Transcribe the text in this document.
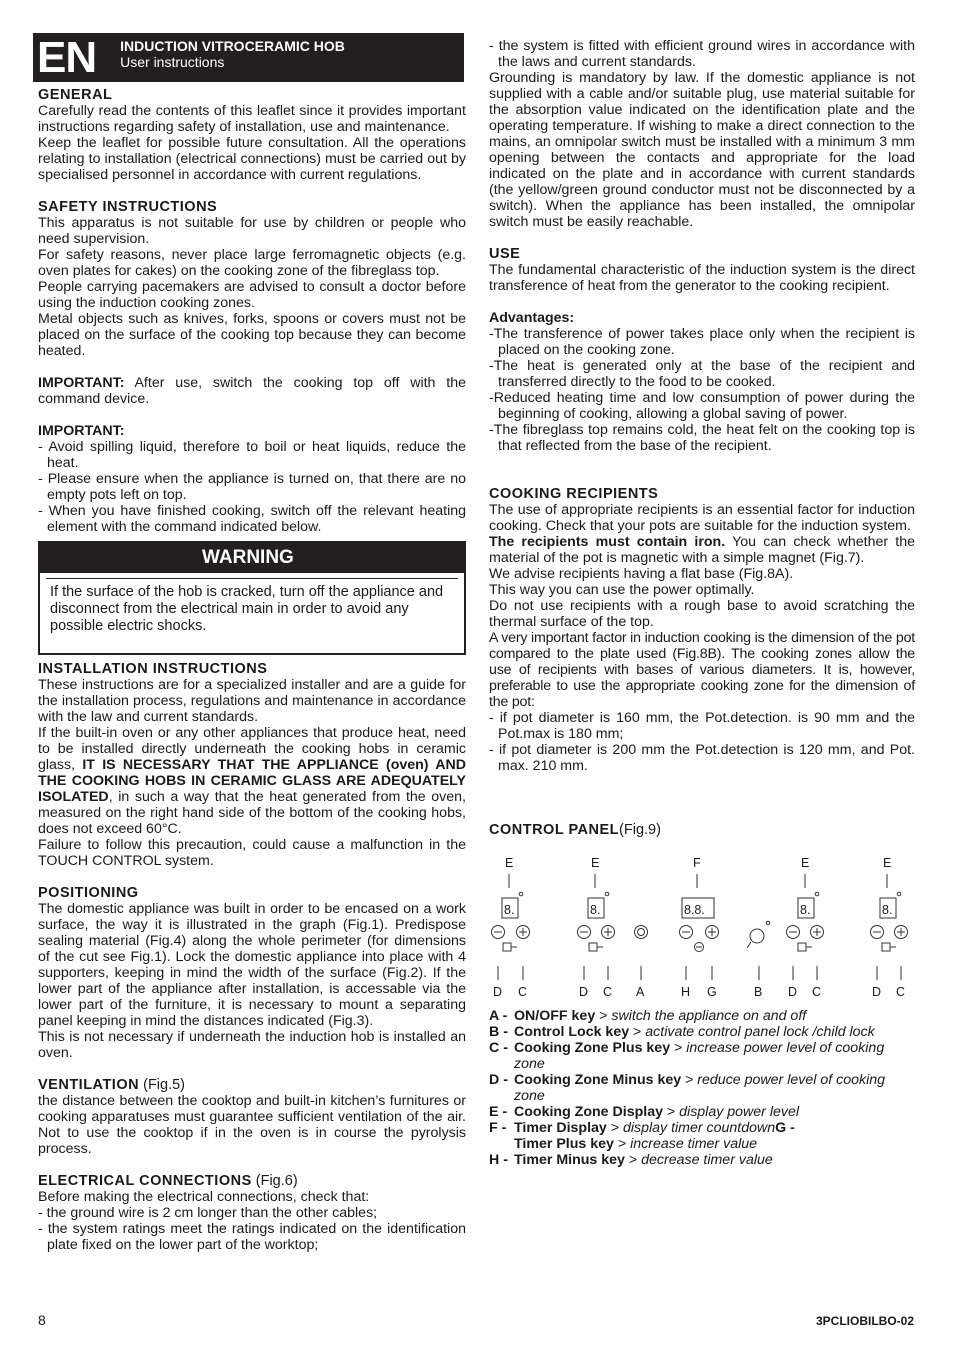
EN	INDUCTION VITROCERAMIC HOB
User instructions
GENERAL

Carefully read the contents of this leaflet since it provides important instructions regarding safety of installation, use and maintenance.

Keep the leaflet for possible future consultation. All the operations relating to installation (electrical connections) must be carried out by specialised personnel in accordance with current regulations.

SAFETY INSTRUCTIONS

This apparatus is not suitable for use by children or people who need supervision.

For safety reasons, never place large ferromagnetic objects (e.g. oven plates for cakes) on the cooking zone of the fibreglass top.

People carrying pacemakers are advised to consult a doctor before using the induction cooking zones.

Metal objects such as knives, forks, spoons or covers must not be placed on the surface of the cooking top because they can become heated.

IMPORTANT: After use, switch the cooking top off with the command device.

IMPORTANT:

- Avoid spilling liquid, therefore to boil or heat liquids, reduce the heat.
- Please ensure when the appliance is turned on, that there are no empty pots left on top.
- When you have finished cooking, switch off the relevant heating element with the command indicated below.
WARNING
If the surface of the hob is cracked, turn off the appliance and disconnect from the electrical main in order to avoid any possible electric shocks.
INSTALLATION INSTRUCTIONS

These instructions are for a specialized installer and are a guide for the installation process, regulations and maintenance in accordance with the law and current standards.

If the built-in oven or any other appliances that produce heat, need to be installed directly underneath the cooking hobs in ceramic glass, IT IS NECESSARY THAT THE APPLIANCE (oven) AND THE COOKING HOBS IN CERAMIC GLASS ARE ADEQUATELY ISOLATED, in such a way that the heat generated from the oven, measured on the right hand side of the bottom of the cooking hobs, does not exceed 60°C.

Failure to follow this precaution, could cause a malfunction in the TOUCH CONTROL system.

POSITIONING

The domestic appliance was built in order to be encased on a work surface, the way it is illustrated in the graph (Fig.1). Predispose sealing material (Fig.4) along the whole perimeter (for dimensions of the cut see Fig.1). Lock the domestic appliance into place with 4 supporters, keeping in mind the width of the surface (Fig.2). If the lower part of the appliance after installation, is accessable via the lower part of the furniture, it is necessary to mount a separating panel keeping in mind the distances indicated (Fig.3).

This is not necessary if underneath the induction hob is installed an oven.

VENTILATION (Fig.5)

the distance between the cooktop and built-in kitchen’s furnitures or cooking apparatuses must guarantee sufficient ventilation of the air. Not to use the cooktop if in the oven is in course the pyrolysis process.

ELECTRICAL CONNECTIONS (Fig.6)

Before making the electrical connections, check that:

- the ground wire is 2 cm longer than the other cables;
- the system ratings meet the ratings indicated on the identification plate fixed on the lower part of the worktop;
- the system is fitted with efficient ground wires in accordance with the laws and current standards.

Grounding is mandatory by law. If the domestic appliance is not supplied with a cable and/or suitable plug, use material suitable for the absorption value indicated on the identification plate and the operating temperature. If wishing to make a direct connection to the mains, an omnipolar switch must be installed with a minimum 3 mm opening between the contacts and appropriate for the load indicated on the plate and in accordance with current standards (the yellow/green ground conductor must not be disconnected by a switch). When the appliance has been installed, the omnipolar switch must be easily reachable.

USE

The fundamental characteristic of the induction system is the direct transference of heat from the generator to the cooking recipient.

Advantages:

-The transference of power takes place only when the recipient is placed on the cooking zone.
-The heat is generated only at the base of the recipient and transferred directly to the food to be cooked.
-Reduced heating time and low consumption of power during the beginning of cooking, allowing a global saving of power.
-The fibreglass top remains cold, the heat felt on the cooking top is that reflected from the base of the recipient.
COOKING RECIPIENTS

The use of appropriate recipients is an essential factor for induction cooking. Check that your pots are suitable for the induction system.

The recipients must contain iron. You can check whether the material of the pot is magnetic with a simple magnet (Fig.7).

We advise recipients having a flat base (Fig.8A).

This way you can use the power optimally.

Do not use recipients with a rough base to avoid scratching the thermal surface of the top.

A very important factor in induction cooking is the dimension of the pot compared to the plate used (Fig.8B). The cooking zones allow the use of recipients with bases of various diameters. It is, however, preferable to use the appropriate cooking zone for the dimension of the pot:

- if pot diameter is 160 mm, the Pot.detection. is 90 mm and the Pot.max is 180 mm;
- if pot diameter is 200 mm the Pot.detection is 120 mm, and Pot. max. 210 mm.
CONTROL PANEL(Fig.9)
8.	8.	8.8.	8.	8.
E	E	F	E	E
D C	D C A	H G	B D C	D C
A - ON/OFF key > switch the appliance on and off
B - Control Lock key > activate control panel lock /child lock
C - Cooking Zone Plus key > increase power level of cooking zone
D - Cooking Zone Minus key > reduce power level of cooking zone
E - Cooking Zone Display > display power level
F - Timer Display > display timer countdownG -
Timer Plus key > increase timer value
H - Timer Minus key > decrease timer value
8	3PCLIOBILBO-02
